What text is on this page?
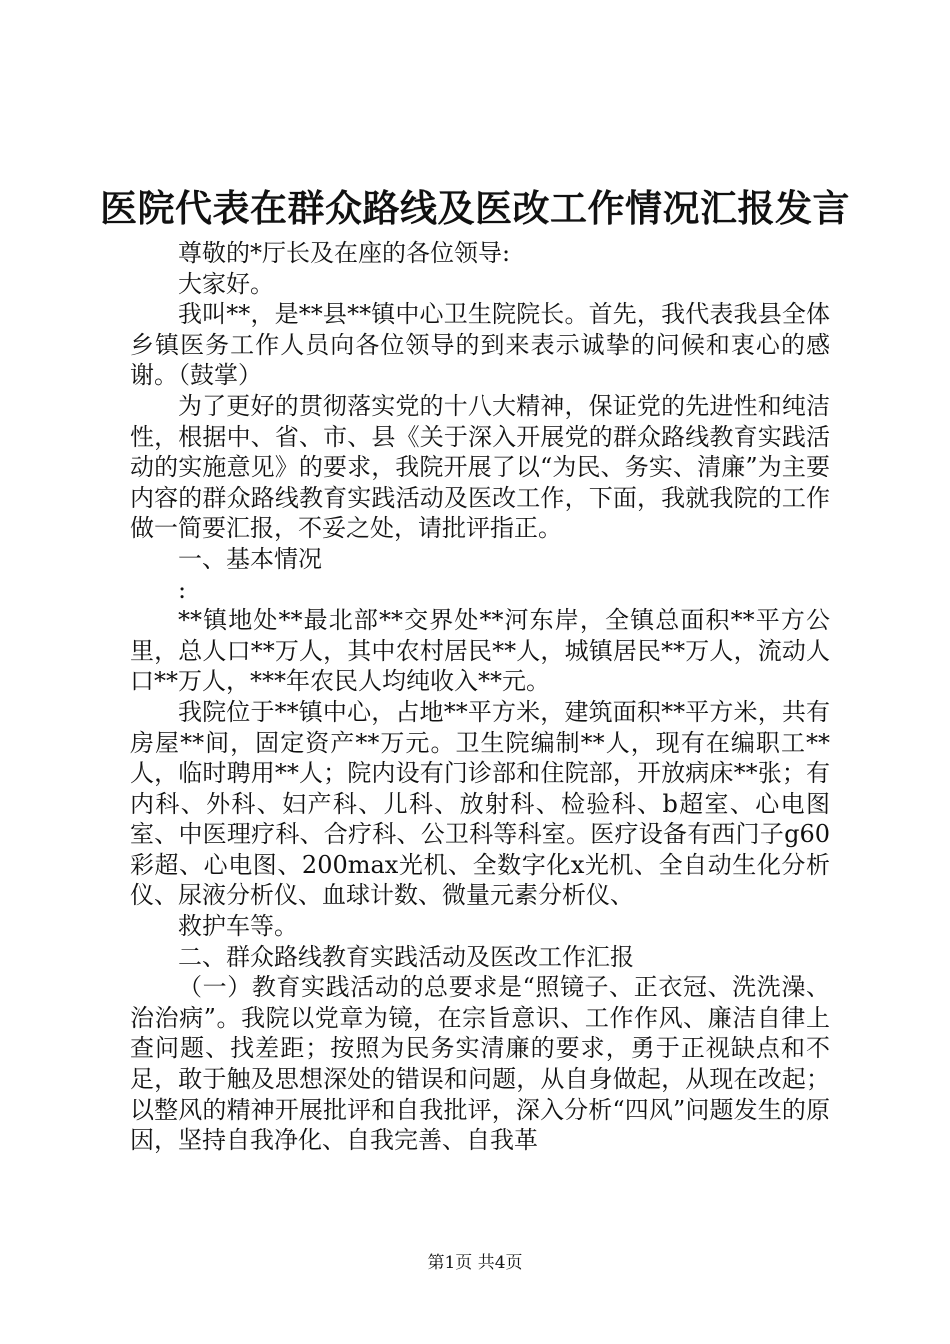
医院代表在群众路线及医改工作情况汇报发言

尊敬的*厅长及在座的各位领导:

大家好。

我叫**，是**县**镇中心卫生院院长。首先，我代表我县全体乡镇医务工作人员向各位领导的到来表示诚挚的问候和衷心的感谢。（鼓掌）

为了更好的贯彻落实党的十八大精神，保证党的先进性和纯洁性，根据中、省、市、县《关于深入开展党的群众路线教育实践活动的实施意见》的要求，我院开展了以“为民、务实、清廉”为主要内容的群众路线教育实践活动及医改工作，下面，我就我院的工作做一简要汇报，不妥之处，请批评指正。

一、基本情况

:

**镇地处**最北部**交界处**河东岸，全镇总面积**平方公里，总人口**万人，其中农村居民**人，城镇居民**万人，流动人口**万人，***年农民人均纯收入**元。

我院位于**镇中心，占地**平方米，建筑面积**平方米，共有房屋**间，固定资产**万元。卫生院编制**人，现有在编职工**人，临时聘用**人；院内设有门诊部和住院部，开放病床**张；有内科、外科、妇产科、儿科、放射科、检验科、b超室、心电图室、中医理疗科、合疗科、公卫科等科室。医疗设备有西门子g60彩超、心电图、200max光机、全数字化x光机、全自动生化分析仪、尿液分析仪、血球计数、微量元素分析仪、

救护车等。

二、群众路线教育实践活动及医改工作汇报

（一）教育实践活动的总要求是“照镜子、正衣冠、洗洗澡、治治病”。我院以党章为镜，在宗旨意识、工作作风、廉洁自律上查问题、找差距；按照为民务实清廉的要求，勇于正视缺点和不足，敢于触及思想深处的错误和问题，从自身做起，从现在改起；以整风的精神开展批评和自我批评，深入分析“四风”问题发生的原因，坚持自我净化、自我完善、自我革

第1页 共4页
